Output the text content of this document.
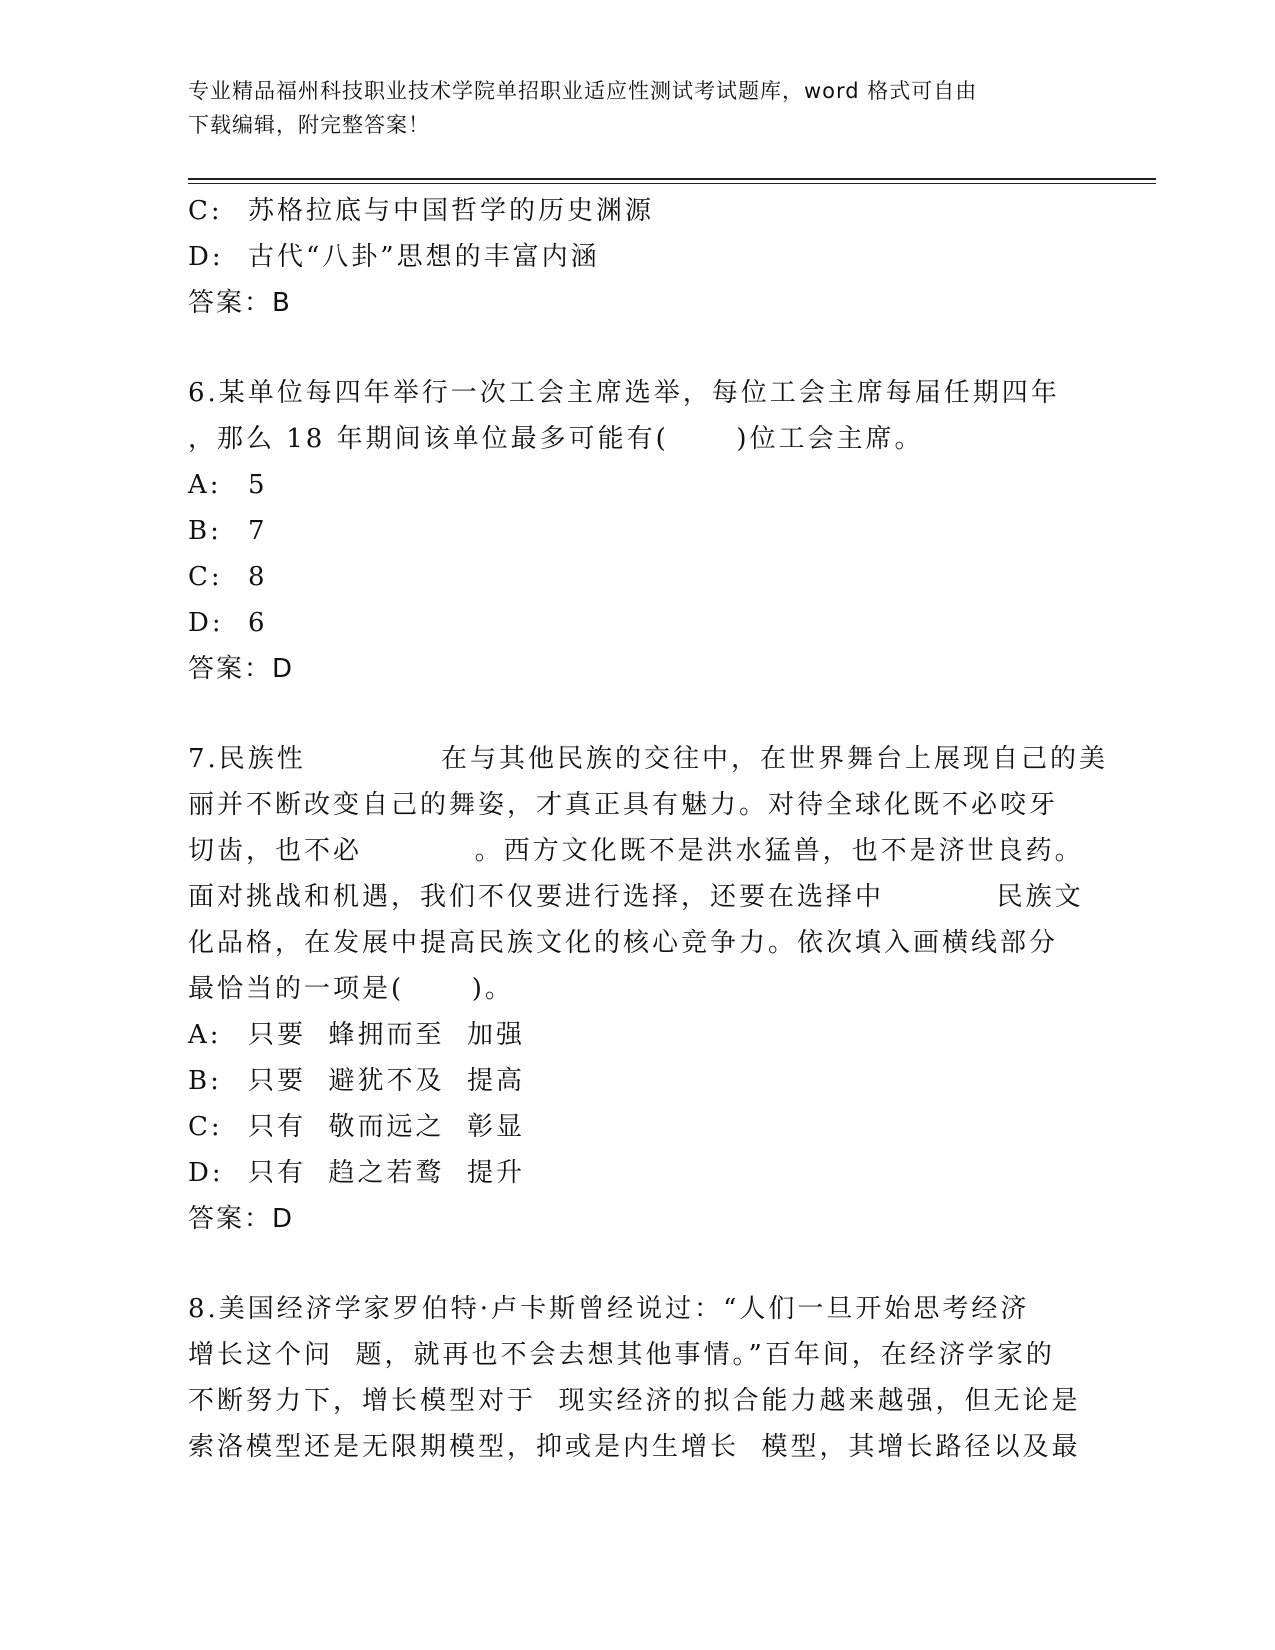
专业精品福州科技职业技术学院单招职业适应性测试考试题库，word 格式可自由
下载编辑，附完整答案！
C: 苏格拉底与中国哲学的历史渊源
D: 古代“八卦”思想的丰富内涵
答案：B
6.某单位每四年举行一次工会主席选举，每位工会主席每届任期四年
，那么 18 年期间该单位最多可能有(      )位工会主席。
A: 5
B: 7
C: 8
D: 6
答案：D
7.民族性            在与其他民族的交往中，在世界舞台上展现自己的美
丽并不断改变自己的舞姿，才真正具有魅力。对待全球化既不必咬牙
切齿，也不必          。西方文化既不是洪水猛兽，也不是济世良药。
面对挑战和机遇，我们不仅要进行选择，还要在选择中          民族文
化品格，在发展中提高民族文化的核心竞争力。依次填入画横线部分
最恰当的一项是(      )。
A: 只要  蜂拥而至  加强
B: 只要  避犹不及  提高
C: 只有  敬而远之  彰显
D: 只有  趋之若鹜  提升
答案：D
8.美国经济学家罗伯特·卢卡斯曾经说过：“人们一旦开始思考经济
增长这个问  题，就再也不会去想其他事情。”百年间，在经济学家的
不断努力下，增长模型对于  现实经济的拟合能力越来越强，但无论是
索洛模型还是无限期模型，抑或是内生增长  模型，其增长路径以及最
